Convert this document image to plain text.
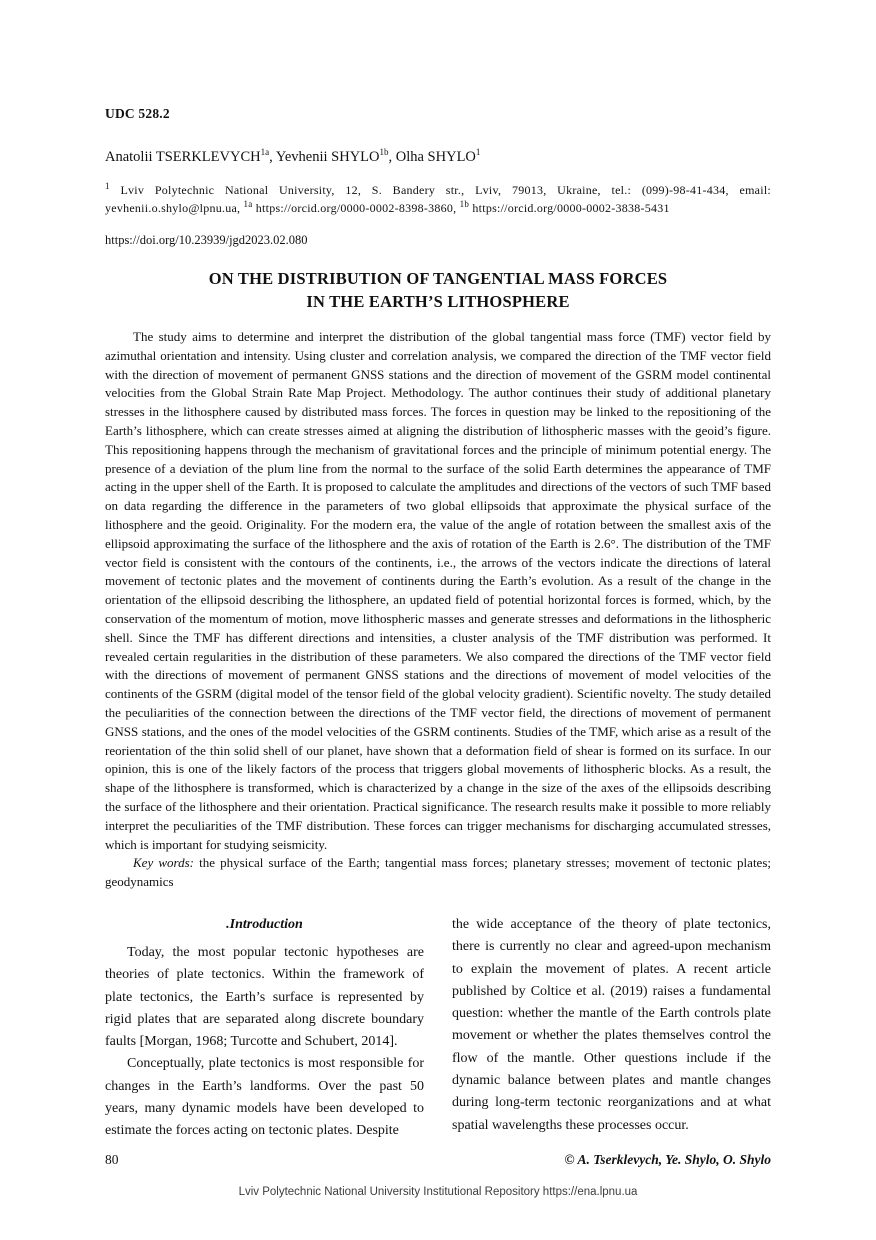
UDC 528.2
Anatolii $TSERKLEVYCH^{1a}$, Yevhenii $SHYLO^{1b}$, Olha SHYLO$^1$

$^1$ Lviv Polytechnic National University, 12, S. Bandery str., Lviv, 79013, Ukraine, tel.: (099)-98-41-434, email: yevhenii.o.shylo@lpnu.ua, $^{1a}$ https://orcid.org/0000-0002-8398-3860, $^{1b}$ https://orcid.org/0000-0002-3838-5431

https://doi.org/10.23939/jgd2023.02.080
ON THE DISTRIBUTION OF TANGENTIAL MASS FORCES
IN THE EARTH’S LITHOSPHERE

The study aims to determine and interpret the distribution of the global tangential mass force (TMF) vector field by azimuthal orientation and intensity. Using cluster and correlation analysis, we compared the direction of the TMF vector field with the direction of movement of permanent GNSS stations and the direction of movement of the GSRM model continental velocities from the Global Strain Rate Map Project. Methodology. The author continues their study of additional planetary stresses in the lithosphere caused by distributed mass forces. The forces in question may be linked to the repositioning of the Earth’s lithosphere, which can create stresses aimed at aligning the distribution of lithospheric masses with the geoid’s figure. This repositioning happens through the mechanism of gravitational forces and the principle of minimum potential energy. The presence of a deviation of the plum line from the normal to the surface of the solid Earth determines the appearance of TMF acting in the upper shell of the Earth. It is proposed to calculate the amplitudes and directions of the vectors of such TMF based on data regarding the difference in the parameters of two global ellipsoids that approximate the physical surface of the lithosphere and the geoid. Originality. For the modern era, the value of the angle of rotation between the smallest axis of the ellipsoid approximating the surface of the lithosphere and the axis of rotation of the Earth is 2.6°. The distribution of the TMF vector field is consistent with the contours of the continents, i.e., the arrows of the vectors indicate the directions of lateral movement of tectonic plates and the movement of continents during the Earth’s evolution. As a result of the change in the orientation of the ellipsoid describing the lithosphere, an updated field of potential horizontal forces is formed, which, by the conservation of the momentum of motion, move lithospheric masses and generate stresses and deformations in the lithospheric shell. Since the TMF has different directions and intensities, a cluster analysis of the TMF distribution was performed. It revealed certain regularities in the distribution of these parameters. We also compared the directions of the TMF vector field with the directions of movement of permanent GNSS stations and the directions of movement of model velocities of the continents of the GSRM (digital model of the tensor field of the global velocity gradient). Scientific novelty. The study detailed the peculiarities of the connection between the directions of the TMF vector field, the directions of movement of permanent GNSS stations, and the ones of the model velocities of the GSRM continents. Studies of the TMF, which arise as a result of the reorientation of the thin solid shell of our planet, have shown that a deformation field of shear is formed on its surface. In our opinion, this is one of the likely factors of the process that triggers global movements of lithospheric blocks. As a result, the shape of the lithosphere is transformed, which is characterized by a change in the size of the axes of the ellipsoids describing the surface of the lithosphere and their orientation. Practical significance. The research results make it possible to more reliably interpret the peculiarities of the TMF distribution. These forces can trigger mechanisms for discharging accumulated stresses, which is important for studying seismicity.

Key words: the physical surface of the Earth; tangential mass forces; planetary stresses; movement of tectonic plates; geodynamics

.Introduction

Today, the most popular tectonic hypotheses are theories of plate tectonics. Within the framework of plate tectonics, the Earth’s surface is represented by rigid plates that are separated along discrete boundary faults [Morgan, 1968; Turcotte and Schubert, 2014].

Conceptually, plate tectonics is most responsible for changes in the Earth’s landforms. Over the past 50 years, many dynamic models have been developed to estimate the forces acting on tectonic plates. Despite

the wide acceptance of the theory of plate tectonics, there is currently no clear and agreed-upon mechanism to explain the movement of plates. A recent article published by Coltice et al. (2019) raises a fundamental question: whether the mantle of the Earth controls plate movement or whether the plates themselves control the flow of the mantle. Other questions include if the dynamic balance between plates and mantle changes during long-term tectonic reorganizations and at what spatial wavelengths these processes occur.

80	© A. Tserklevych, Ye. Shylo, O. Shylo
Lviv Polytechnic National University Institutional Repository https://ena.lpnu.ua
